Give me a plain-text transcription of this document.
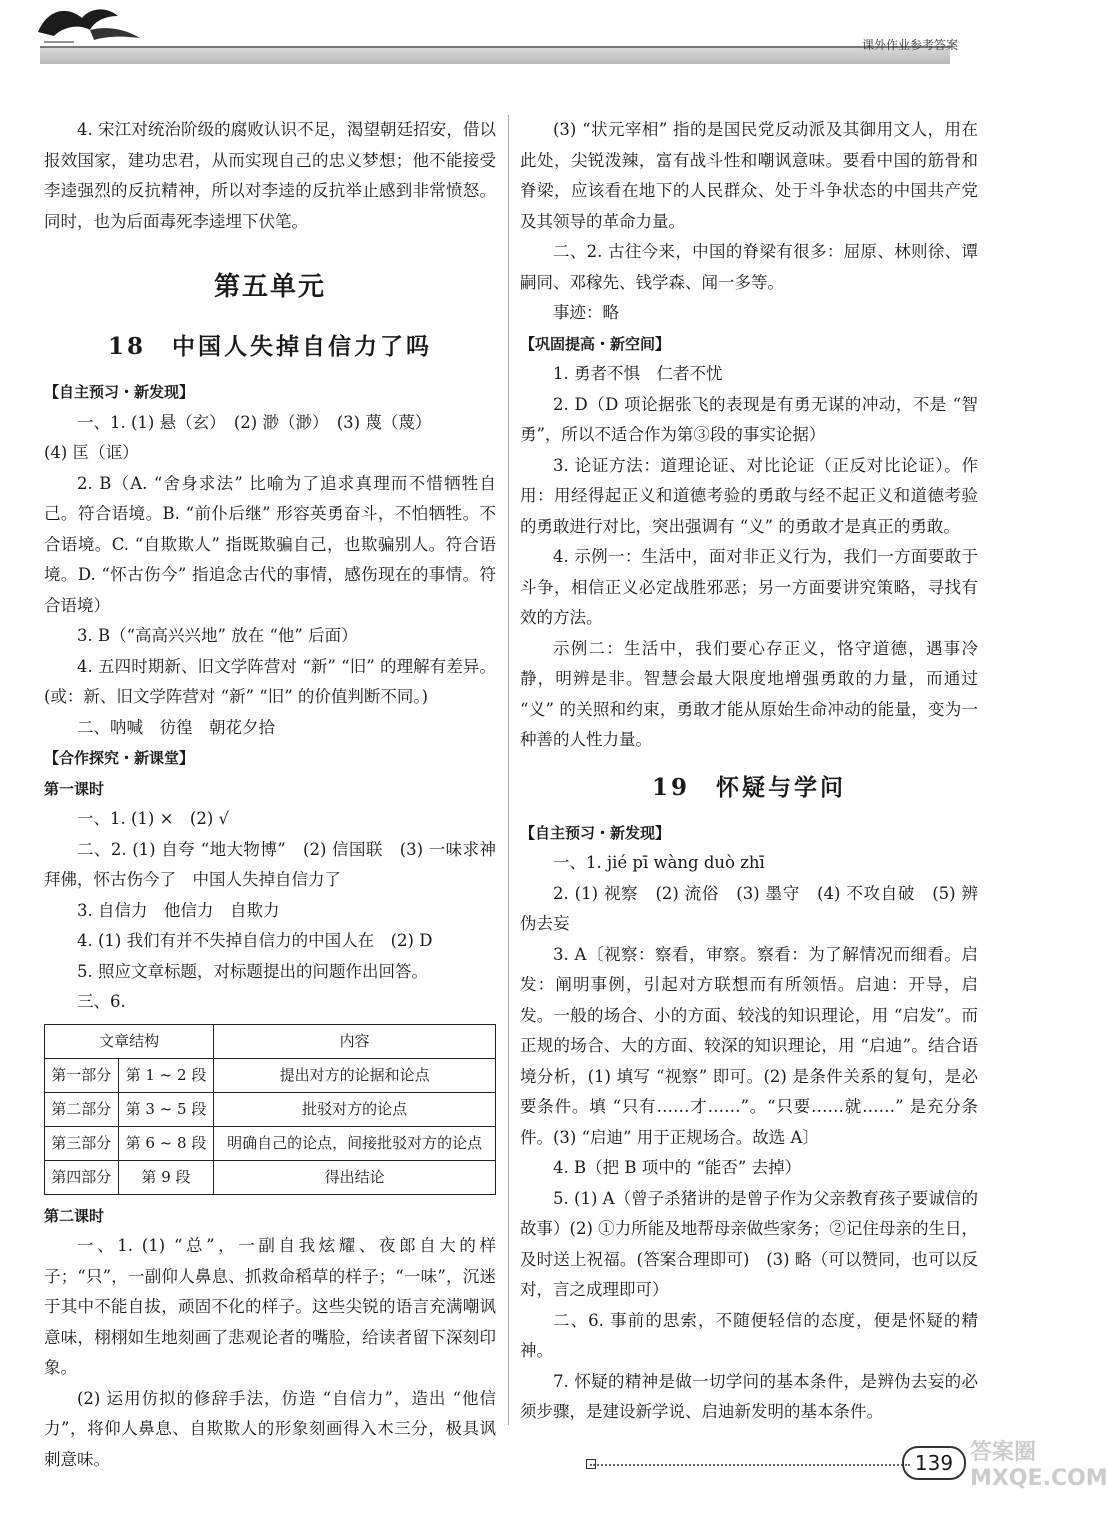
课外作业参考答案

4. 宋江对统治阶级的腐败认识不足，渴望朝廷招安，借以报效国家，建功忠君，从而实现自己的忠义梦想；他不能接受李逵强烈的反抗精神，所以对李逵的反抗举止感到非常愤怒。同时，也为后面毒死李逵埋下伏笔。

第五单元
18　中国人失掉自信力了吗

【自主预习・新发现】

一、1. (1) 悬（玄）　(2) 渺（渺）　(3) 蔑（蔑）

(4) 匡（诓）

2. B（A. “舍身求法” 比喻为了追求真理而不惜牺牲自己。符合语境。B. “前仆后继” 形容英勇奋斗，不怕牺牲。不合语境。C. “自欺欺人” 指既欺骗自己，也欺骗别人。符合语境。D. “怀古伤今” 指追念古代的事情，感伤现在的事情。符合语境）

3. B（“高高兴兴地” 放在 “他” 后面）

4. 五四时期新、旧文学阵营对 “新” “旧” 的理解有差异。(或：新、旧文学阵营对 “新” “旧” 的价值判断不同。)

二、呐喊　彷徨　朝花夕拾

【合作探究・新课堂】

第一课时

一、1. (1) ×　(2) √

二、2. (1) 自夸 “地大物博”　(2) 信国联　(3) 一味求神拜佛，怀古伤今了　中国人失掉自信力了

3. 自信力　他信力　自欺力

4. (1) 我们有并不失掉自信力的中国人在　(2) D

5. 照应文章标题，对标题提出的问题作出回答。

三、6.

文章结构		内容
第一部分	第 1 ~ 2 段	提出对方的论据和论点
第二部分	第 3 ~ 5 段	批驳对方的论点
第三部分	第 6 ~ 8 段	明确自己的论点，间接批驳对方的论点
第四部分	第 9 段	得出结论

第二课时

一、1. (1) “总”，一副自我炫耀、夜郎自大的样子；“只”，一副仰人鼻息、抓救命稻草的样子；“一味”，沉迷于其中不能自拔，顽固不化的样子。这些尖锐的语言充满嘲讽意味，栩栩如生地刻画了悲观论者的嘴脸，给读者留下深刻印象。

(2) 运用仿拟的修辞手法，仿造 “自信力”，造出 “他信力”，将仰人鼻息、自欺欺人的形象刻画得入木三分，极具讽刺意味。

(3) “状元宰相” 指的是国民党反动派及其御用文人，用在此处，尖锐泼辣，富有战斗性和嘲讽意味。要看中国的筋骨和脊梁，应该看在地下的人民群众、处于斗争状态的中国共产党及其领导的革命力量。

二、2. 古往今来，中国的脊梁有很多：屈原、林则徐、谭嗣同、邓稼先、钱学森、闻一多等。

事迹：略

【巩固提高・新空间】

1. 勇者不惧　仁者不忧

2. D（D 项论据张飞的表现是有勇无谋的冲动，不是 “智勇”，所以不适合作为第③段的事实论据）

3. 论证方法：道理论证、对比论证（正反对比论证）。作用：用经得起正义和道德考验的勇敢与经不起正义和道德考验的勇敢进行对比，突出强调有 “义” 的勇敢才是真正的勇敢。

4. 示例一：生活中，面对非正义行为，我们一方面要敢于斗争，相信正义必定战胜邪恶；另一方面要讲究策略，寻找有效的方法。

示例二：生活中，我们要心存正义，恪守道德，遇事冷静，明辨是非。智慧会最大限度地增强勇敢的力量，而通过 “义” 的关照和约束，勇敢才能从原始生命冲动的能量，变为一种善的人性力量。

19　怀疑与学问

【自主预习・新发现】

一、1. jié pī wàng duò zhī

2. (1) 视察　(2) 流俗　(3) 墨守　(4) 不攻自破　(5) 辨伪去妄

3. A〔视察：察看，审察。察看：为了解情况而细看。启发：阐明事例，引起对方联想而有所领悟。启迪：开导，启发。一般的场合、小的方面、较浅的知识理论，用 “启发”。而正规的场合、大的方面、较深的知识理论，用 “启迪”。结合语境分析，(1) 填写 “视察” 即可。(2) 是条件关系的复句，是必要条件。填 “只有……才……”。“只要……就……” 是充分条件。(3) “启迪” 用于正规场合。故选 A〕

4. B（把 B 项中的 “能否” 去掉）

5. (1) A（曾子杀猪讲的是曾子作为父亲教育孩子要诚信的故事）(2) ①力所能及地帮母亲做些家务；②记住母亲的生日，及时送上祝福。(答案合理即可)　(3) 略（可以赞同，也可以反对，言之成理即可）

二、6. 事前的思索，不随便轻信的态度，便是怀疑的精神。

7. 怀疑的精神是做一切学问的基本条件，是辨伪去妄的必须步骤，是建设新学说、启迪新发明的基本条件。

139 答案圈 MXQE.COM
